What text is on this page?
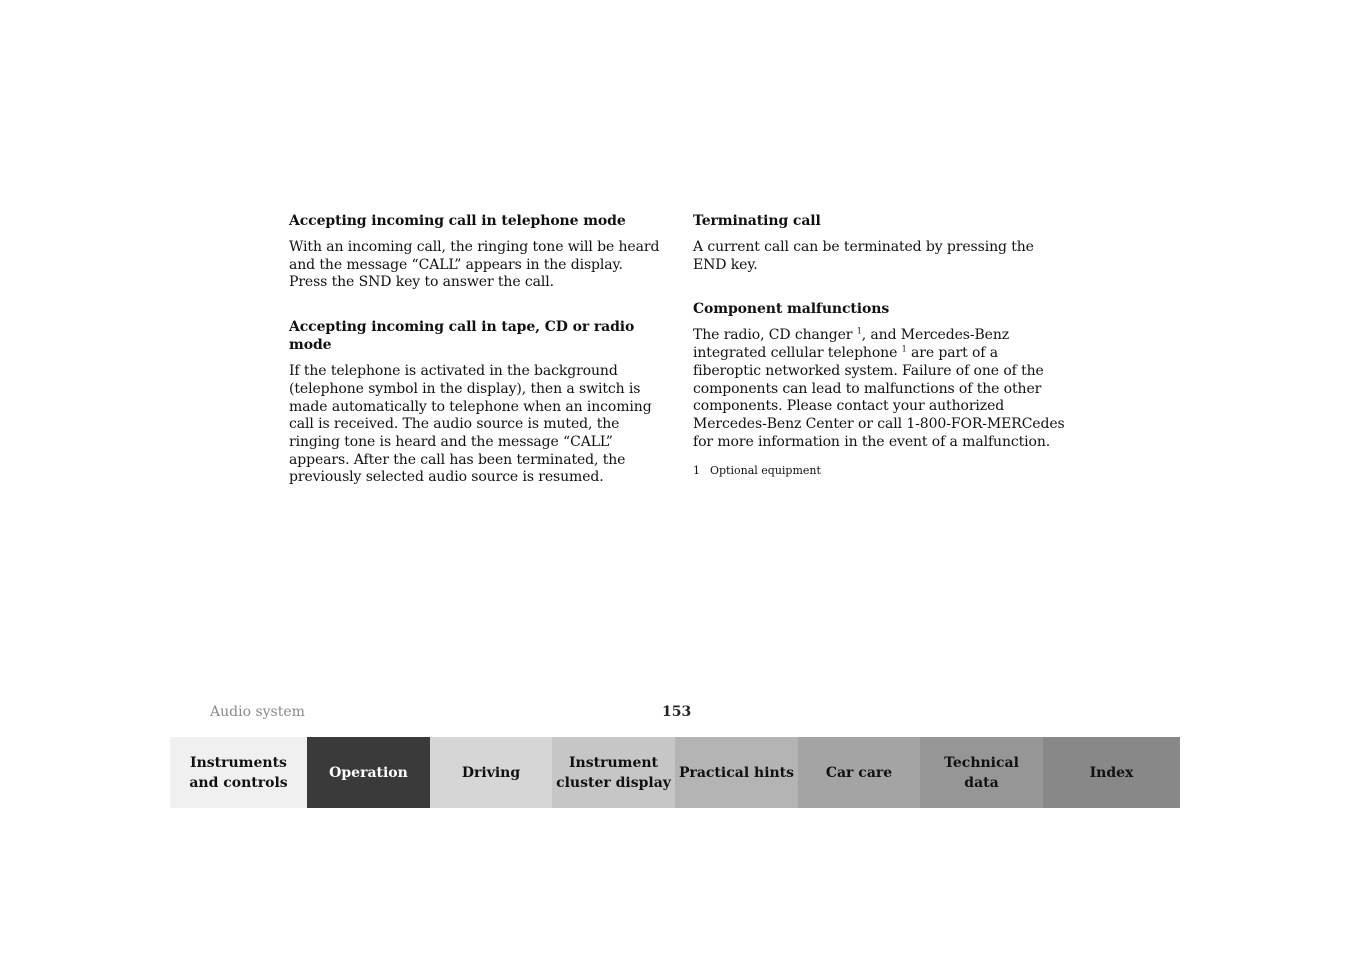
Accepting incoming call in telephone mode
With an incoming call, the ringing tone will be heard and the message “CALL” appears in the display. Press the SND key to answer the call.
Accepting incoming call in tape, CD or radio mode
If the telephone is activated in the background (telephone symbol in the display), then a switch is made automatically to telephone when an incoming call is received. The audio source is muted, the ringing tone is heard and the message “CALL” appears. After the call has been terminated, the previously selected audio source is resumed.
Terminating call
A current call can be terminated by pressing the END key.
Component malfunctions
The radio, CD changer $^1$, and Mercedes-Benz integrated cellular telephone $^1$ are part of a fiberoptic networked system. Failure of one of the components can lead to malfunctions of the other components. Please contact your authorized Mercedes-Benz Center or call 1-800-FOR-MERCedes for more information in the event of a malfunction.
1 Optional equipment
Audio system	153
Instruments
and controls
Operation	Driving
Instrument
cluster display
Practical hints	Car care
Technical
data
Index
